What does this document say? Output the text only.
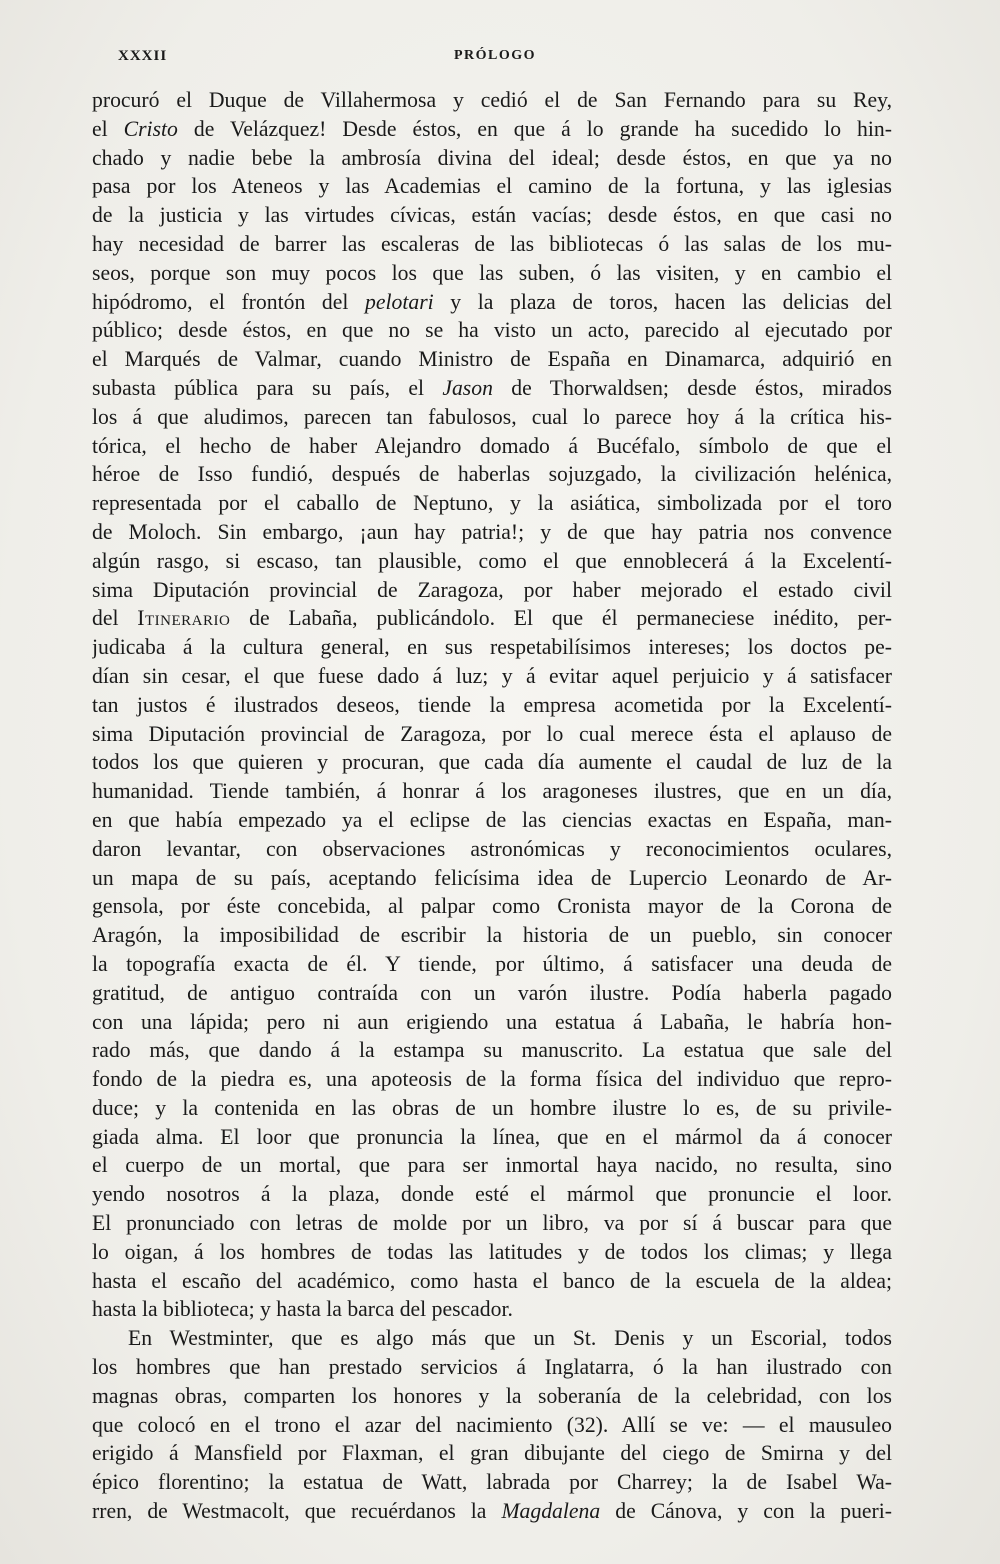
XXXII	PRÓLOGO
procuró el Duque de Villahermosa y cedió el de San Fernando para su Rey,
el Cristo de Velázquez! Desde éstos, en que á lo grande ha sucedido lo hin-
chado y nadie bebe la ambrosía divina del ideal; desde éstos, en que ya no
pasa por los Ateneos y las Academias el camino de la fortuna, y las iglesias
de la justicia y las virtudes cívicas, están vacías; desde éstos, en que casi no
hay necesidad de barrer las escaleras de las bibliotecas ó las salas de los mu-
seos, porque son muy pocos los que las suben, ó las visiten, y en cambio el
hipódromo, el frontón del pelotari y la plaza de toros, hacen las delicias del
público; desde éstos, en que no se ha visto un acto, parecido al ejecutado por
el Marqués de Valmar, cuando Ministro de España en Dinamarca, adquirió en
subasta pública para su país, el Jason de Thorwaldsen; desde éstos, mirados
los á que aludimos, parecen tan fabulosos, cual lo parece hoy á la crítica his-
tórica, el hecho de haber Alejandro domado á Bucéfalo, símbolo de que el
héroe de Isso fundió, después de haberlas sojuzgado, la civilización helénica,
representada por el caballo de Neptuno, y la asiática, simbolizada por el toro
de Moloch. Sin embargo, ¡aun hay patria!; y de que hay patria nos convence
algún rasgo, si escaso, tan plausible, como el que ennoblecerá á la Excelentí-
sima Diputación provincial de Zaragoza, por haber mejorado el estado civil
del Itinerario de Labaña, publicándolo. El que él permaneciese inédito, per-
judicaba á la cultura general, en sus respetabilísimos intereses; los doctos pe-
dían sin cesar, el que fuese dado á luz; y á evitar aquel perjuicio y á satisfacer
tan justos é ilustrados deseos, tiende la empresa acometida por la Excelentí-
sima Diputación provincial de Zaragoza, por lo cual merece ésta el aplauso de
todos los que quieren y procuran, que cada día aumente el caudal de luz de la
humanidad. Tiende también, á honrar á los aragoneses ilustres, que en un día,
en que había empezado ya el eclipse de las ciencias exactas en España, man-
daron levantar, con observaciones astronómicas y reconocimientos oculares,
un mapa de su país, aceptando felicísima idea de Lupercio Leonardo de Ar-
gensola, por éste concebida, al palpar como Cronista mayor de la Corona de
Aragón, la imposibilidad de escribir la historia de un pueblo, sin conocer
la topografía exacta de él. Y tiende, por último, á satisfacer una deuda de
gratitud, de antiguo contraída con un varón ilustre. Podía haberla pagado
con una lápida; pero ni aun erigiendo una estatua á Labaña, le habría hon-
rado más, que dando á la estampa su manuscrito. La estatua que sale del
fondo de la piedra es, una apoteosis de la forma física del individuo que repro-
duce; y la contenida en las obras de un hombre ilustre lo es, de su privile-
giada alma. El loor que pronuncia la línea, que en el mármol da á conocer
el cuerpo de un mortal, que para ser inmortal haya nacido, no resulta, sino
yendo nosotros á la plaza, donde esté el mármol que pronuncie el loor.
El pronunciado con letras de molde por un libro, va por sí á buscar para que
lo oigan, á los hombres de todas las latitudes y de todos los climas; y llega
hasta el escaño del académico, como hasta el banco de la escuela de la aldea;
hasta la biblioteca; y hasta la barca del pescador.
En Westminter, que es algo más que un St. Denis y un Escorial, todos
los hombres que han prestado servicios á Inglatarra, ó la han ilustrado con
magnas obras, comparten los honores y la soberanía de la celebridad, con los
que colocó en el trono el azar del nacimiento (32). Allí se ve: — el mausuleo
erigido á Mansfield por Flaxman, el gran dibujante del ciego de Smirna y del
épico florentino; la estatua de Watt, labrada por Charrey; la de Isabel Wa-
rren, de Westmacolt, que recuérdanos la Magdalena de Cánova, y con la pueri-
